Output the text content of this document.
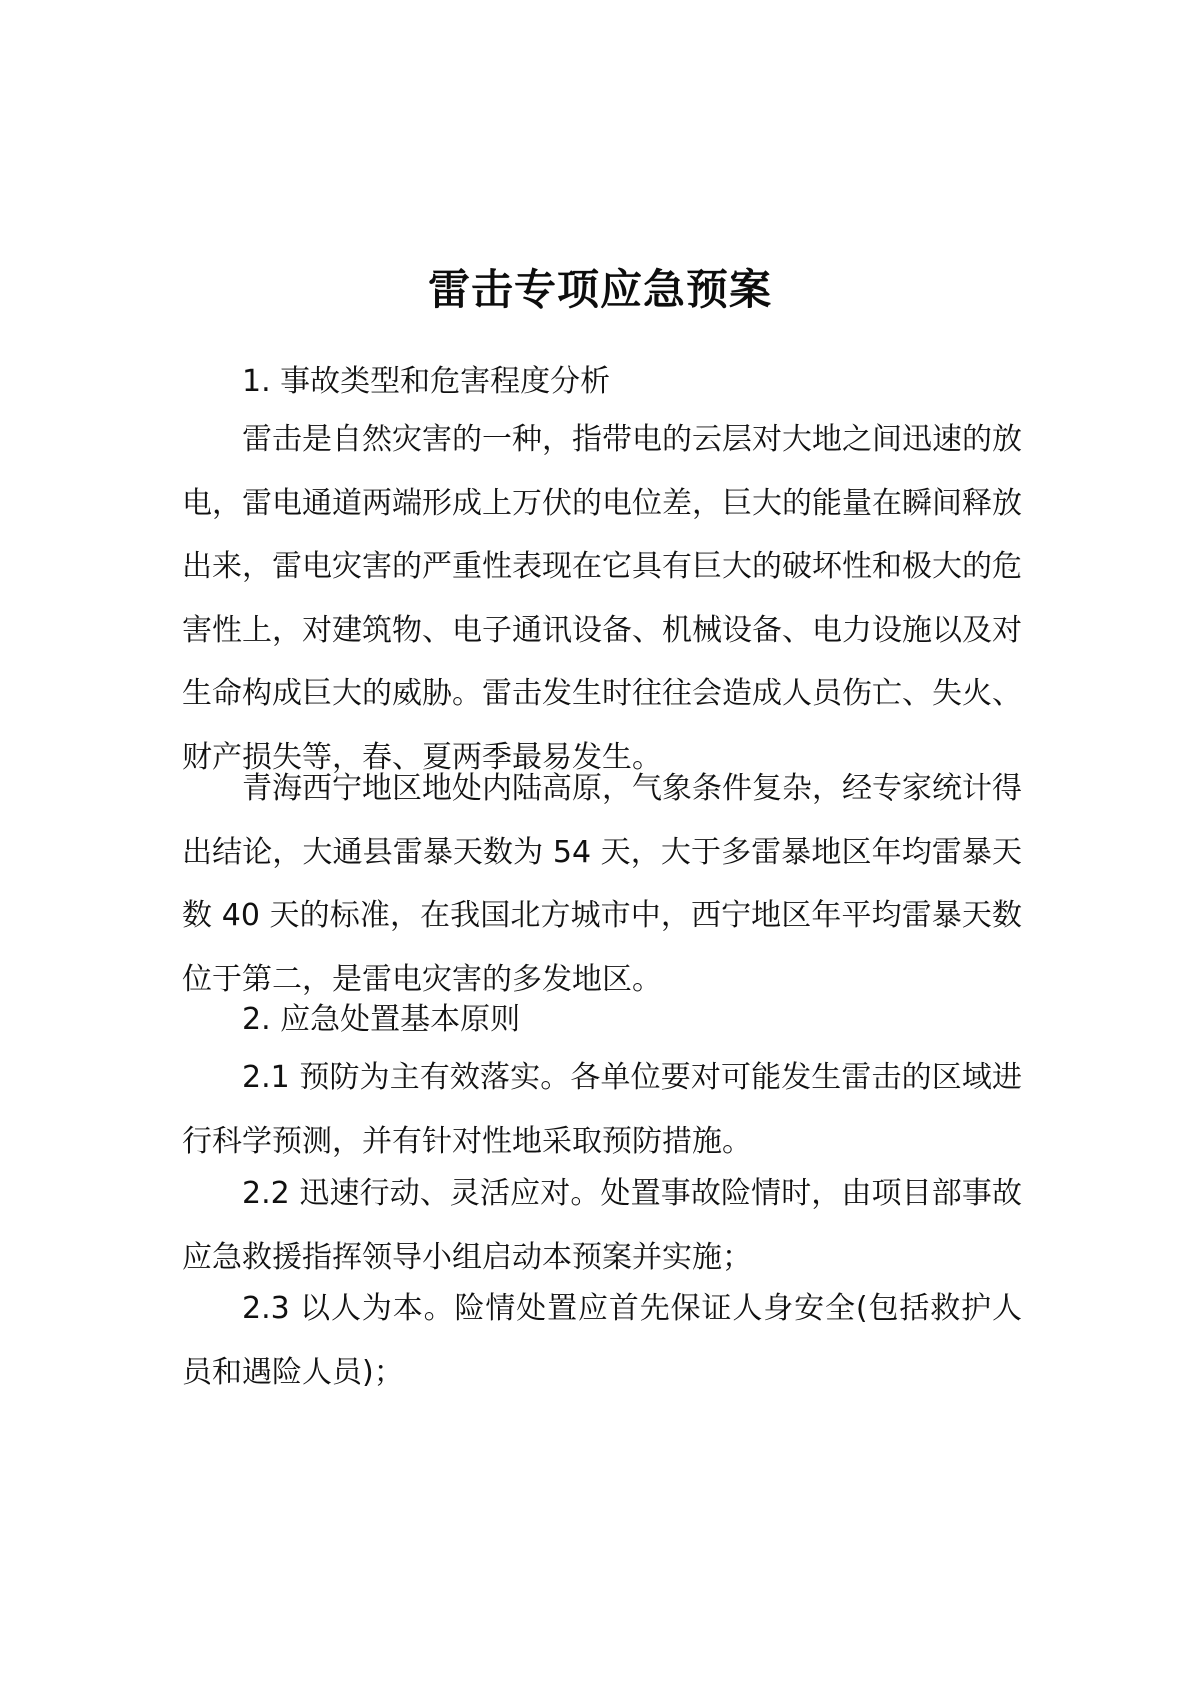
雷击专项应急预案
1. 事故类型和危害程度分析

雷击是自然灾害的一种，指带电的云层对大地之间迅速的放电，雷电通道两端形成上万伏的电位差，巨大的能量在瞬间释放出来，雷电灾害的严重性表现在它具有巨大的破坏性和极大的危害性上，对建筑物、电子通讯设备、机械设备、电力设施以及对生命构成巨大的威胁。雷击发生时往往会造成人员伤亡、失火、财产损失等，春、夏两季最易发生。

青海西宁地区地处内陆高原，气象条件复杂，经专家统计得出结论，大通县雷暴天数为 54 天，大于多雷暴地区年均雷暴天数 40 天的标准，在我国北方城市中，西宁地区年平均雷暴天数位于第二，是雷电灾害的多发地区。

2. 应急处置基本原则

2.1 预防为主有效落实。各单位要对可能发生雷击的区域进行科学预测，并有针对性地采取预防措施。

2.2 迅速行动、灵活应对。处置事故险情时，由项目部事故应急救援指挥领导小组启动本预案并实施；

2.3 以人为本。险情处置应首先保证人身安全(包括救护人员和遇险人员)；
